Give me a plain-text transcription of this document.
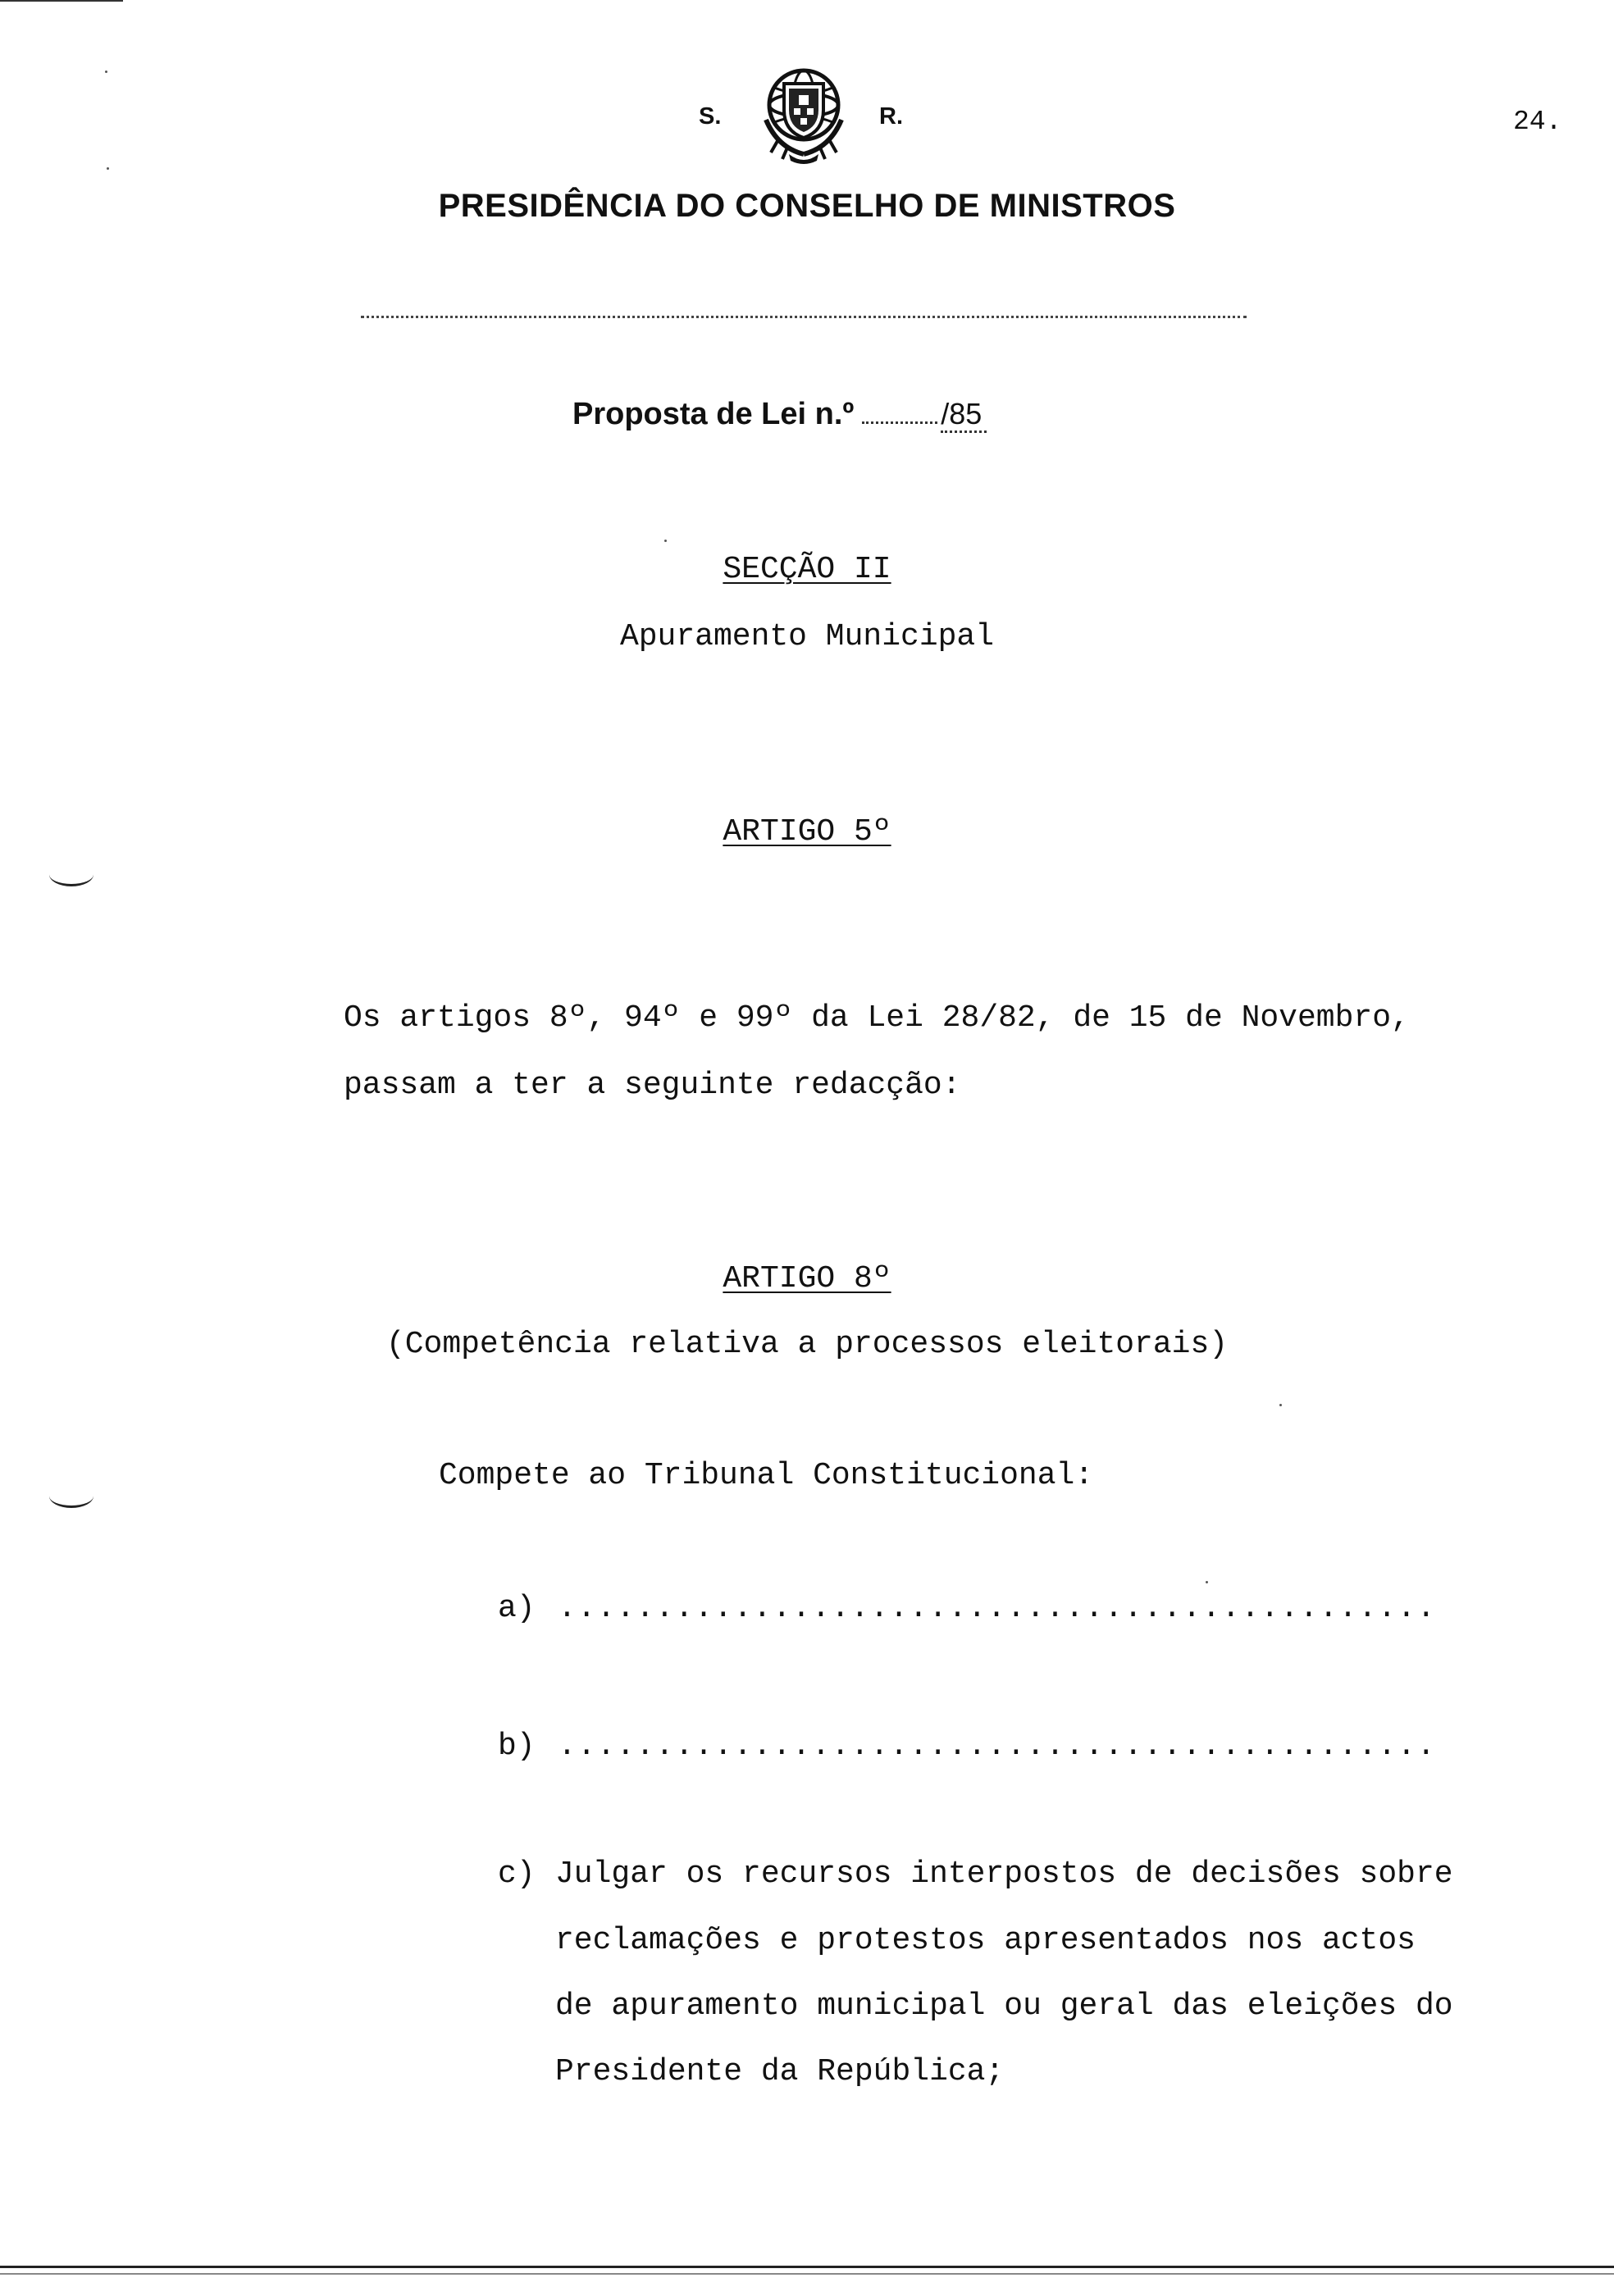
S.	R.	24.
PRESIDÊNCIA DO CONSELHO DE MINISTROS
Proposta de Lei n.º	/85
SECÇÃO II
Apuramento Municipal
ARTIGO 5º
Os artigos 8º, 94º e 99º da Lei 28/82, de 15 de Novembro,
passam a ter a seguinte redacção:
ARTIGO 8º
(Competência relativa a processos eleitorais)
Compete ao Tribunal Constitucional:
a) .............................................
b) .............................................
c) Julgar os recursos interpostos de decisões sobre
reclamações e protestos apresentados nos actos
de apuramento municipal ou geral das eleições do
Presidente da República;
